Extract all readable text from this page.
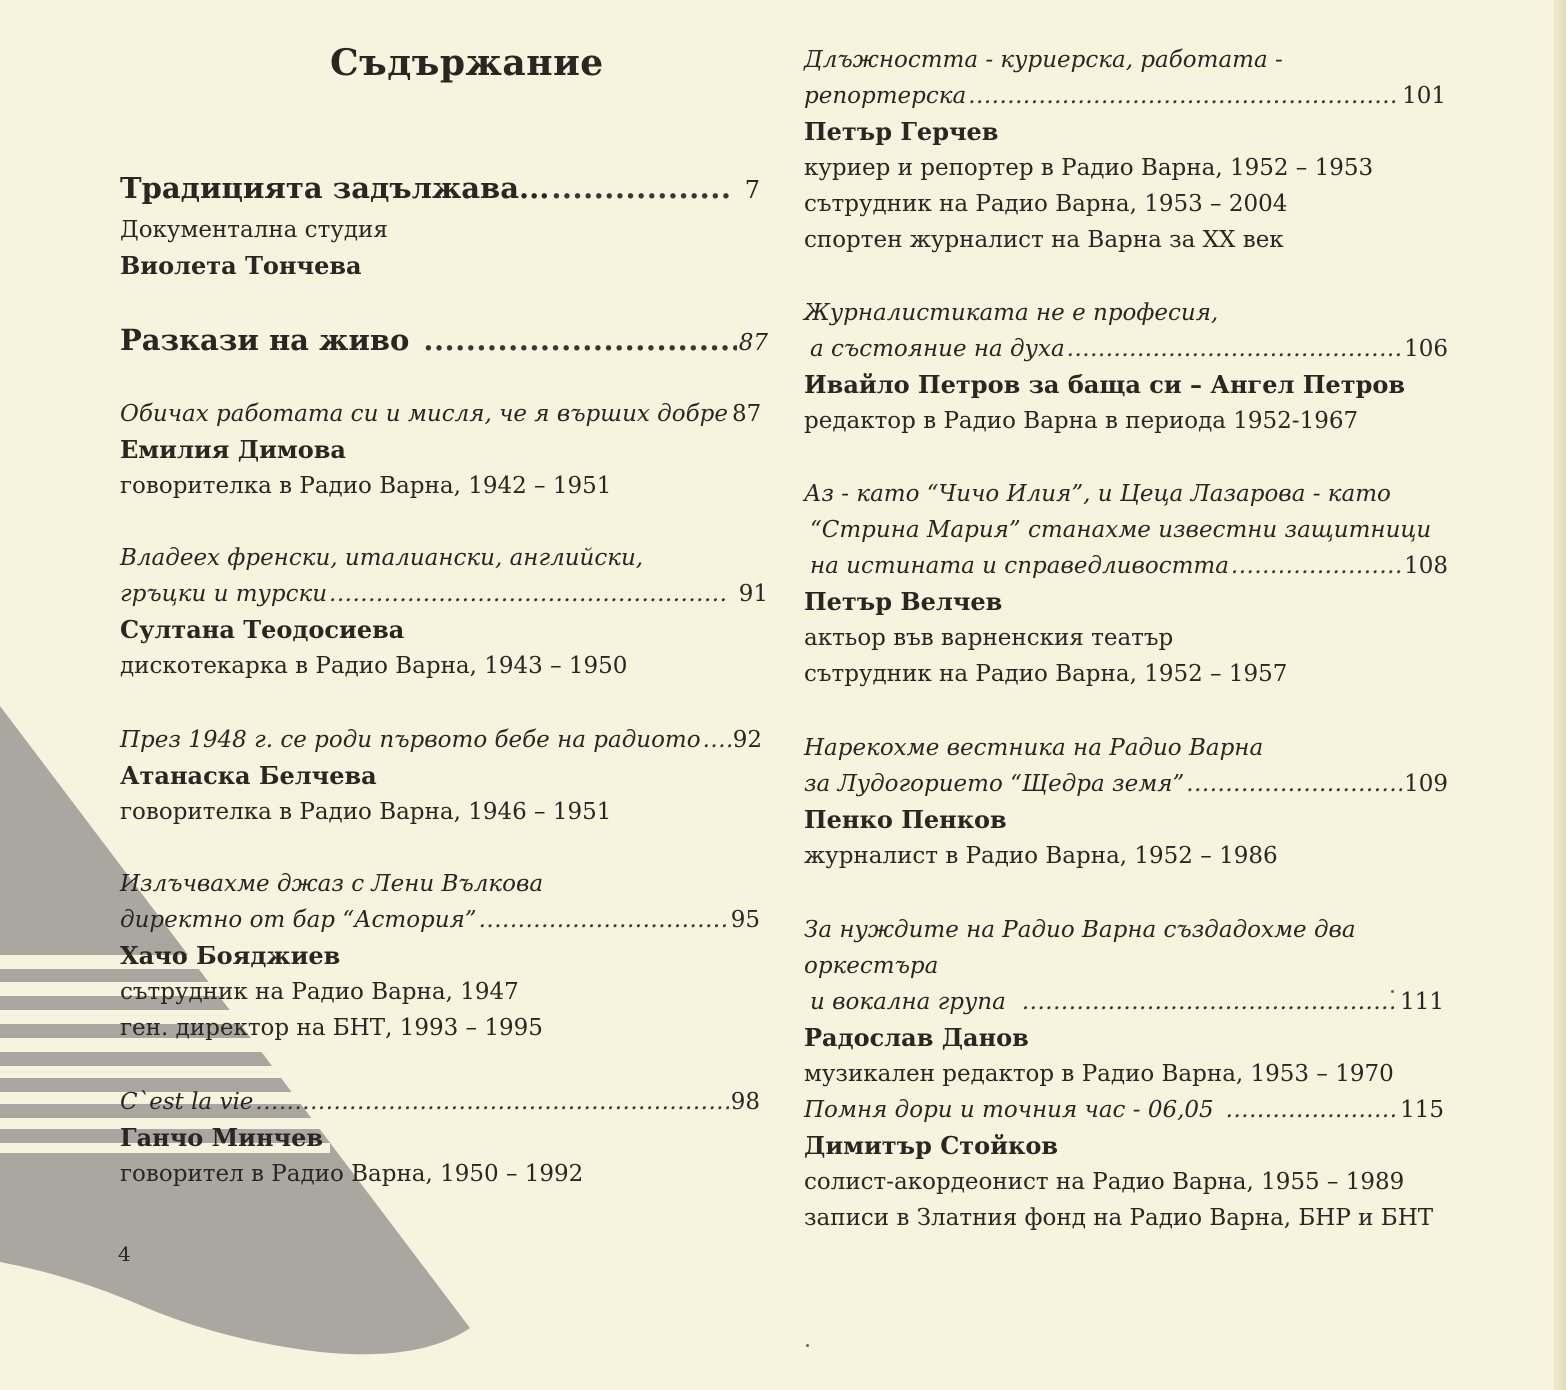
Съдържание
Традицията задължава... .....	7
Документална студия
Виолета Тончева
Разкази на живо .....	87
Обичах работата си и мисля, че я върших добре 87
Емилия Димова
говорителка в Радио Варна, 1942 – 1951
Владеех френски, италиански, английски,
гръцки и турски .....	91
Султана Теодосиева
дискотекарка в Радио Варна, 1943 – 1950
През 1948 г. се роди първото бебе на радиото ..... 92
Атанаска Белчева
говорителка в Радио Варна, 1946 – 1951
Излъчвахме джаз с Лени Вълкова
директно от бар “Астория” .....	95
Хачо Бояджиев
сътрудник на Радио Варна, 1947
ген. директор на БНТ, 1993 – 1995
C`est la vie .....	98
Ганчо Минчев
говорител в Радио Варна, 1950 – 1992
4
Длъжността - куриерска, работата -
репортерска .....	101
Петър Герчев
куриер и репортер в Радио Варна, 1952 – 1953
сътрудник на Радио Варна, 1953 – 2004
спортен журналист на Варна за XX век
Журналистиката не е професия,
а състояние на духа .....	106
Ивайло Петров за баща си – Ангел Петров
редактор в Радио Варна в периода 1952-1967
Аз - като “Чичо Илия”, и Цеца Лазарова - като
“Стрина Мария” станахме известни защитници
на истината и справедливостта .....	108
Петър Велчев
актьор във варненския театър
сътрудник на Радио Варна, 1952 – 1957
Нарекохме вестника на Радио Варна
за Лудогорието “Щедра земя” .....	109
Пенко Пенков
журналист в Радио Варна, 1952 – 1986
За нуждите на Радио Варна създадохме два оркестъра
и вокална група .....	111
Радослав Данов
музикален редактор в Радио Варна, 1953 – 1970
Помня дори и точния час - 06,05 .....	115
Димитър Стойков
солист-акордеонист на Радио Варна, 1955 – 1989
записи в Златния фонд на Радио Варна, БНР и БНТ
